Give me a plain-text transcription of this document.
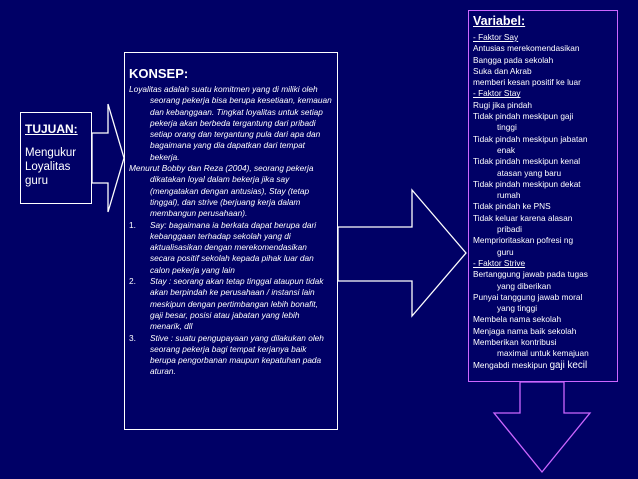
TUJUAN:
Mengukur Loyalitas guru
KONSEP:

Loyalitas adalah suatu komitmen yang di miliki oleh seorang pekerja bisa berupa kesetiaan, kemauan dan kebanggaan. Tingkat loyalitas untuk setiap pekerja akan berbeda tergantung dari pribadi setiap orang dan tergantung pula dari apa dan bagaimana yang dia dapatkan dari tempat bekerja.

Menurut Bobby dan Reza (2004), seorang pekerja dikatakan loyal dalam bekerja jika say (mengatakan dengan antusias), Stay (tetap tinggal), dan strive (berjuang kerja dalam membangun perusahaan).

1. Say: bagaimana ia berkata dapat berupa dari kebanggaan terhadap sekolah yang di aktualisasikan dengan merekomendasikan secara positif sekolah kepada pihak luar dan calon pekerja yang lain

2. Stay : seorang akan tetap tinggal ataupun tidak akan berpindah ke perusahaan / instansi lain meskipun dengan pertimbangan lebih bonafit, gaji besar, posisi atau jabatan yang lebih menarik, dll

3. Stive : suatu pengupayaan yang dilakukan oleh seorang pekerja bagi tempat kerjanya baik berupa pengorbanan maupun kepatuhan pada aturan.

Variabel:
- Faktor Say
Antusias merekomendasikan
Bangga pada sekolah
Suka dan Akrab
memberi kesan positif ke luar
- Faktor Stay
Rugi jika pindah
Tidak pindah meskipun gaji
tinggi
Tidak pindah meskipun jabatan
enak
Tidak pindah meskipun kenal
atasan yang baru
Tidak pindah meskipun dekat
rumah
Tidak pindah ke PNS
Tidak keluar karena alasan
pribadi
Memprioritaskan pofresi ng
guru
- Faktor Strive
Bertanggung jawab pada tugas
yang diberikan
Punyai tanggung jawab moral
yang tinggi
Membela nama sekolah
Menjaga nama baik sekolah
Memberikan kontribusi
maximal untuk kemajuan
Mengabdi meskipun gaji kecil
